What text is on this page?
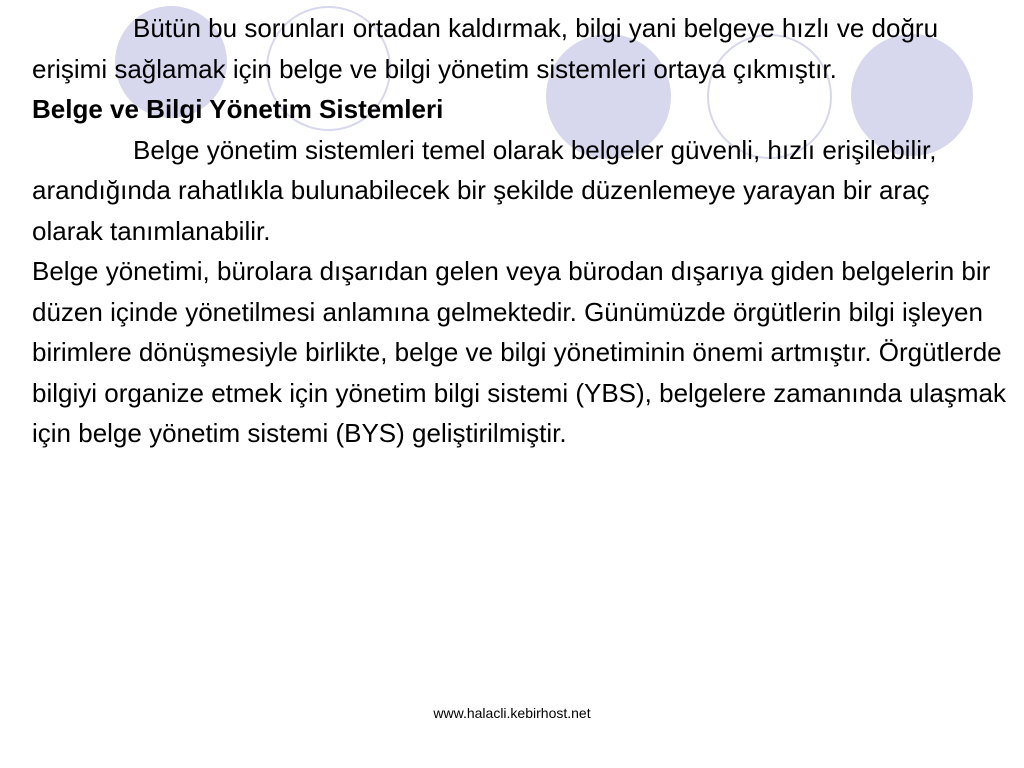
Bütün bu sorunları ortadan kaldırmak, bilgi yani belgeye hızlı ve doğru erişimi sağlamak için belge ve bilgi yönetim sistemleri ortaya çıkmıştır.

Belge ve Bilgi Yönetim Sistemleri

Belge yönetim sistemleri temel olarak belgeler güvenli, hızlı erişilebilir, arandığında rahatlıkla bulunabilecek bir şekilde düzenlemeye yarayan bir araç olarak tanımlanabilir.

Belge yönetimi, bürolara dışarıdan gelen veya bürodan dışarıya giden belgelerin bir düzen içinde yönetilmesi anlamına gelmektedir. Günümüzde örgütlerin bilgi işleyen birimlere dönüşmesiyle birlikte, belge ve bilgi yönetiminin önemi artmıştır. Örgütlerde bilgiyi organize etmek için yönetim bilgi sistemi (YBS), belgelere zamanında ulaşmak için belge yönetim sistemi (BYS) geliştirilmiştir.

www.halacli.kebirhost.net
